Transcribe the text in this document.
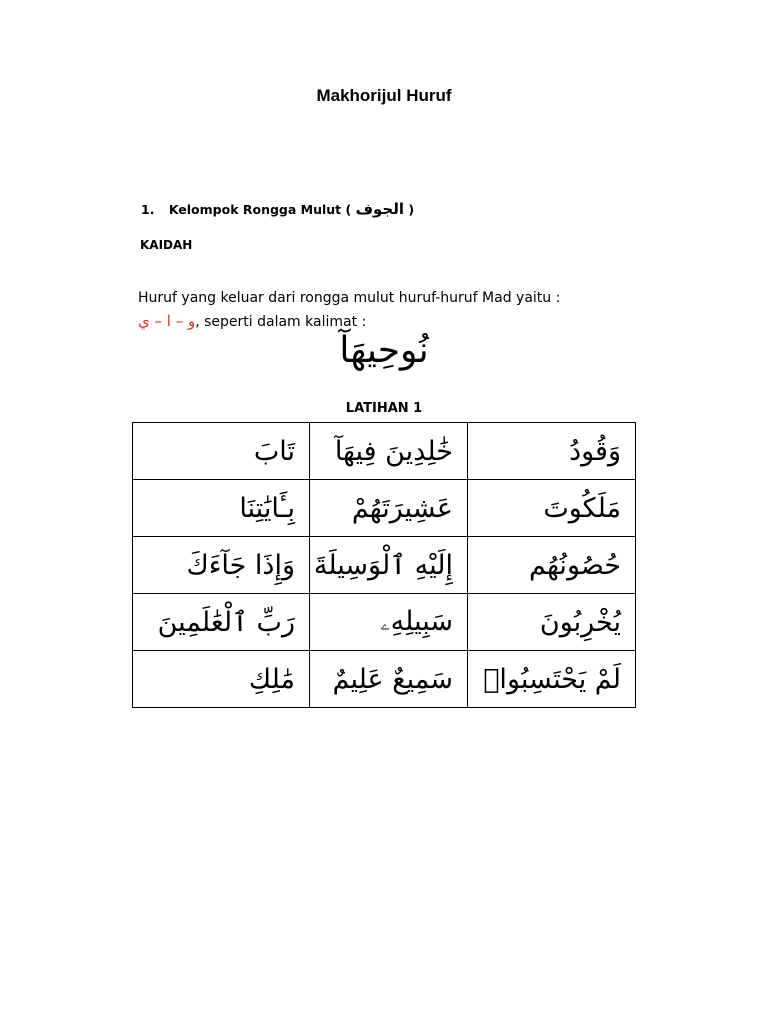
Makhorijul Huruf
1. Kelompok Rongga Mulut ( الجوف )
KAIDAH
Huruf yang keluar dari rongga mulut huruf-huruf Mad yaitu :
و – ا – ي, seperti dalam kalimat :
نُوحِيهَآ
LATIHAN 1
تَابَ	خَٰلِدِينَ فِيهَآ	وَقُودُ
بِـَٔايَٰتِنَا	عَشِيرَتَهُمْ	مَلَكُوتَ
وَإِذَا جَآءَكَ	إِلَيْهِ ٱلْوَسِيلَةَ	حُصُونُهُم
رَبِّ ٱلْعَٰلَمِينَ	سَبِيلِهِۦ	يُخْرِبُونَ
مَٰلِكِ	سَمِيعٌ عَلِيمٌ	لَمْ يَحْتَسِبُوا۟
